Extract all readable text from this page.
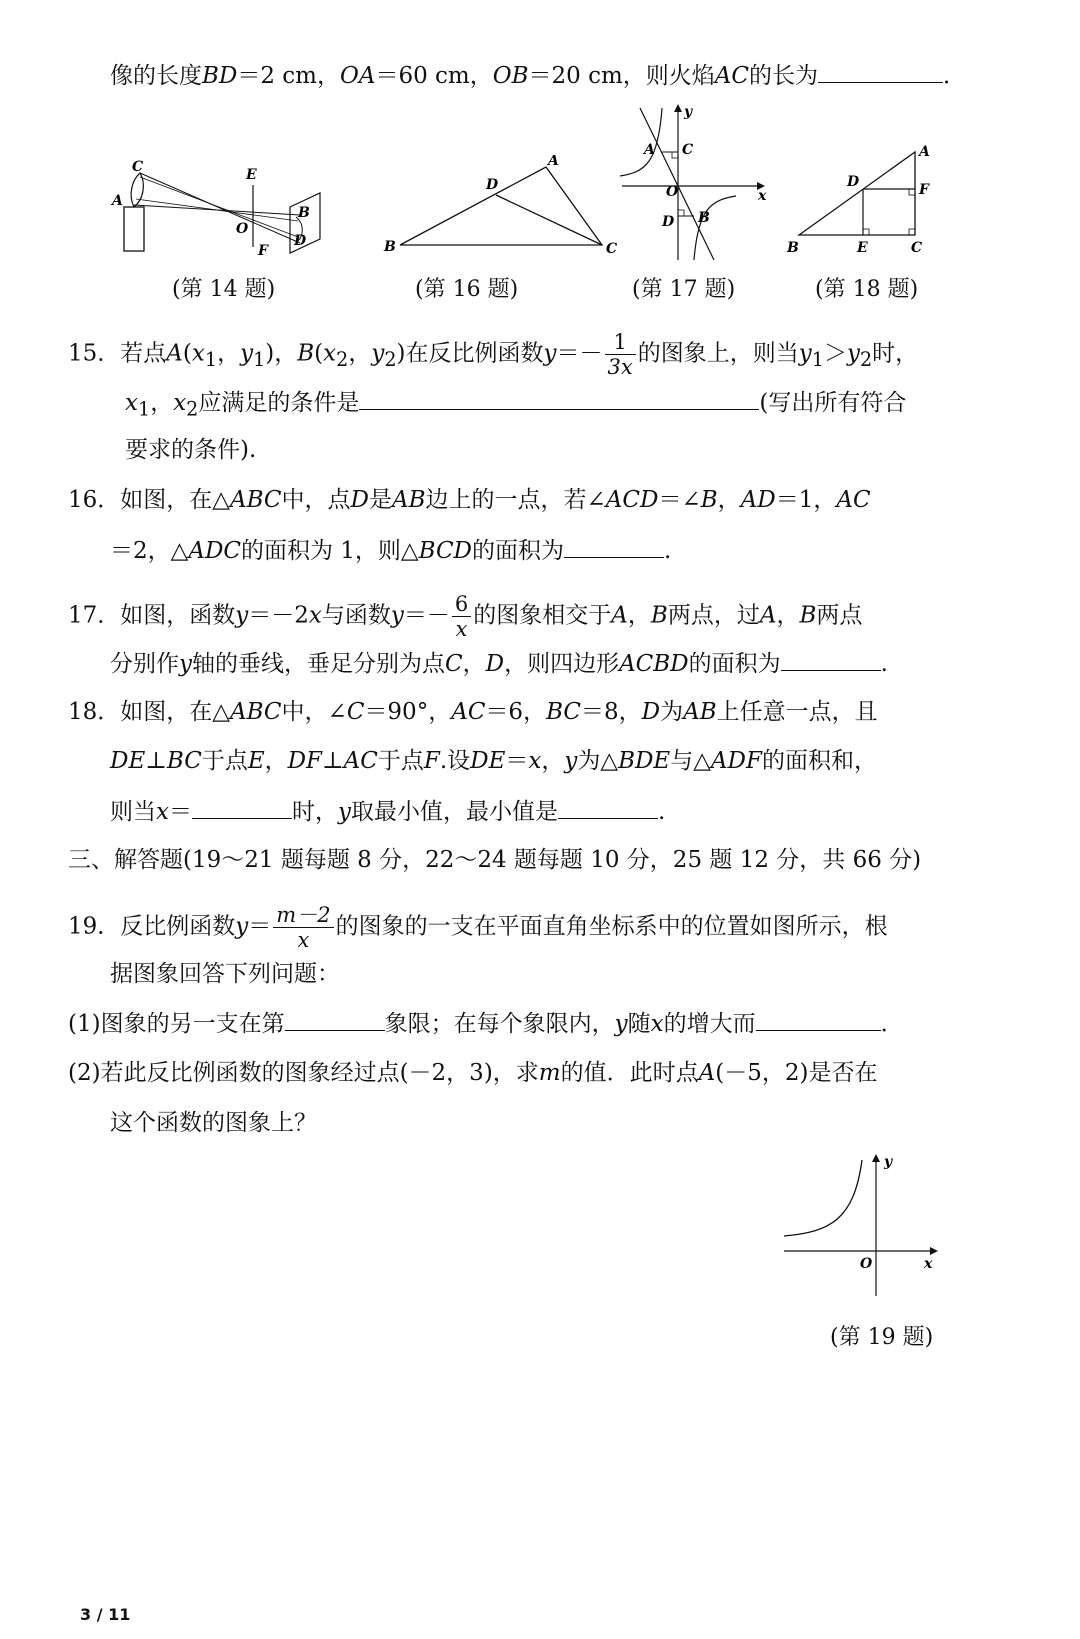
像的长度BD＝2 cm，OA＝60 cm，OB＝20 cm，则火焰AC的长为	．
C
A
E
O
F
B
D
(第 14 题)
A
D
B	C
(第 16 题)
y
A C
O	x
D B
(第 17 题)
A
D	F
B	E	C
(第 18 题)
15．若点$A(x_1$，$y_1$)，$B(x_2$，$y_2$)在反比例函数$y=- \frac{1}{3x}$ 的图象上，则当$y_1>y_2$时，
$x_1$，$x_2$应满足的条件是	(写出所有符合
要求的条件).
16．如图，在△ABC中，点D是AB边上的一点，若∠ACD＝∠B，AD＝1，AC
＝2，△ADC的面积为 1，则△BCD的面积为	.
17．如图，函数y＝－2x与函数$y=- \frac{6}{x}$ 的图象相交于A，B两点，过A，B两点
分别作y轴的垂线，垂足分别为点C，D，则四边形ACBD的面积为	.
18．如图，在△ABC中，∠C＝90°，AC＝6，BC＝8，D为AB上任意一点，且
DE⊥BC于点E，DF⊥AC于点F.设DE＝x，y为△BDE与△ADF的面积和，
则当x＝	时，y取最小值，最小值是	.
三、解答题(19～21 题每题 8 分，22～24 题每题 10 分，25 题 12 分，共 66 分)
19．反比例函数$y= \frac{m-2}{x}$ 的图象的一支在平面直角坐标系中的位置如图所示，根
据图象回答下列问题：
(1)图象的另一支在第	象限；在每个象限内，y随x的增大而	．
(2)若此反比例函数的图象经过点(－2，3)，求m的值．此时点A(－5，2)是否在
这个函数的图象上？
y
O	x
(第 19 题)
3 / 11
